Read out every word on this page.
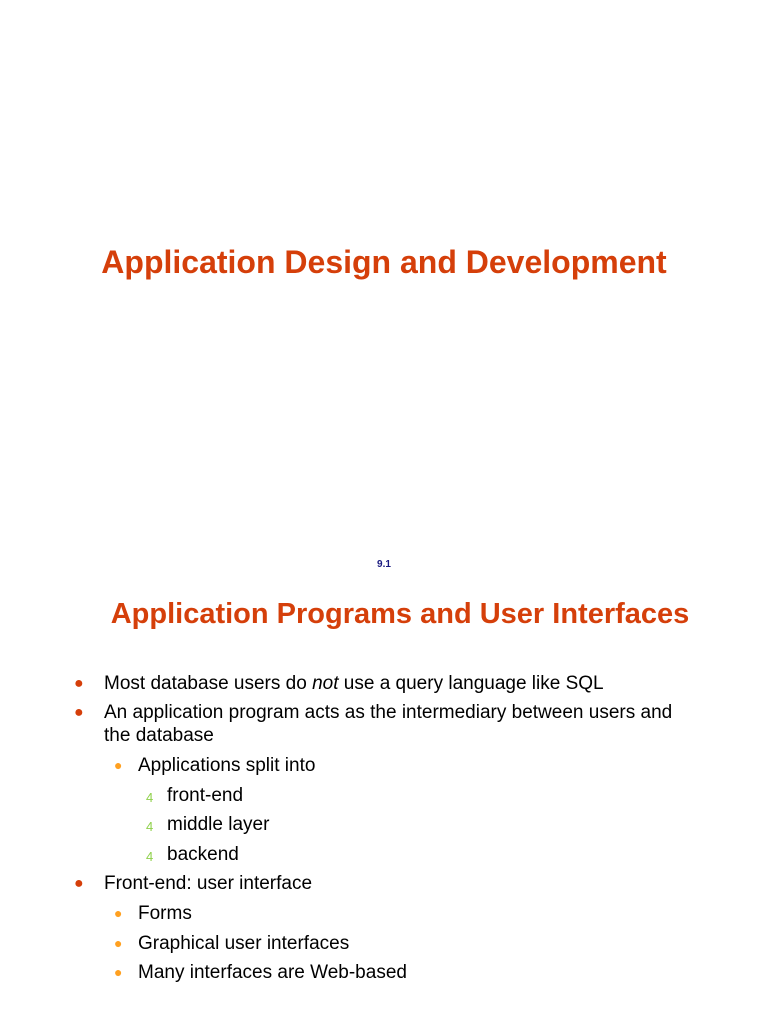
Application Design and Development
9.1
Application Programs and User Interfaces
● Most database users do not use a query language like SQL
● An application program acts as the intermediary between users and
the database
● Applications split into
4 front-end
4 middle layer
4 backend
● Front-end: user interface
● Forms
● Graphical user interfaces
● Many interfaces are Web-based
